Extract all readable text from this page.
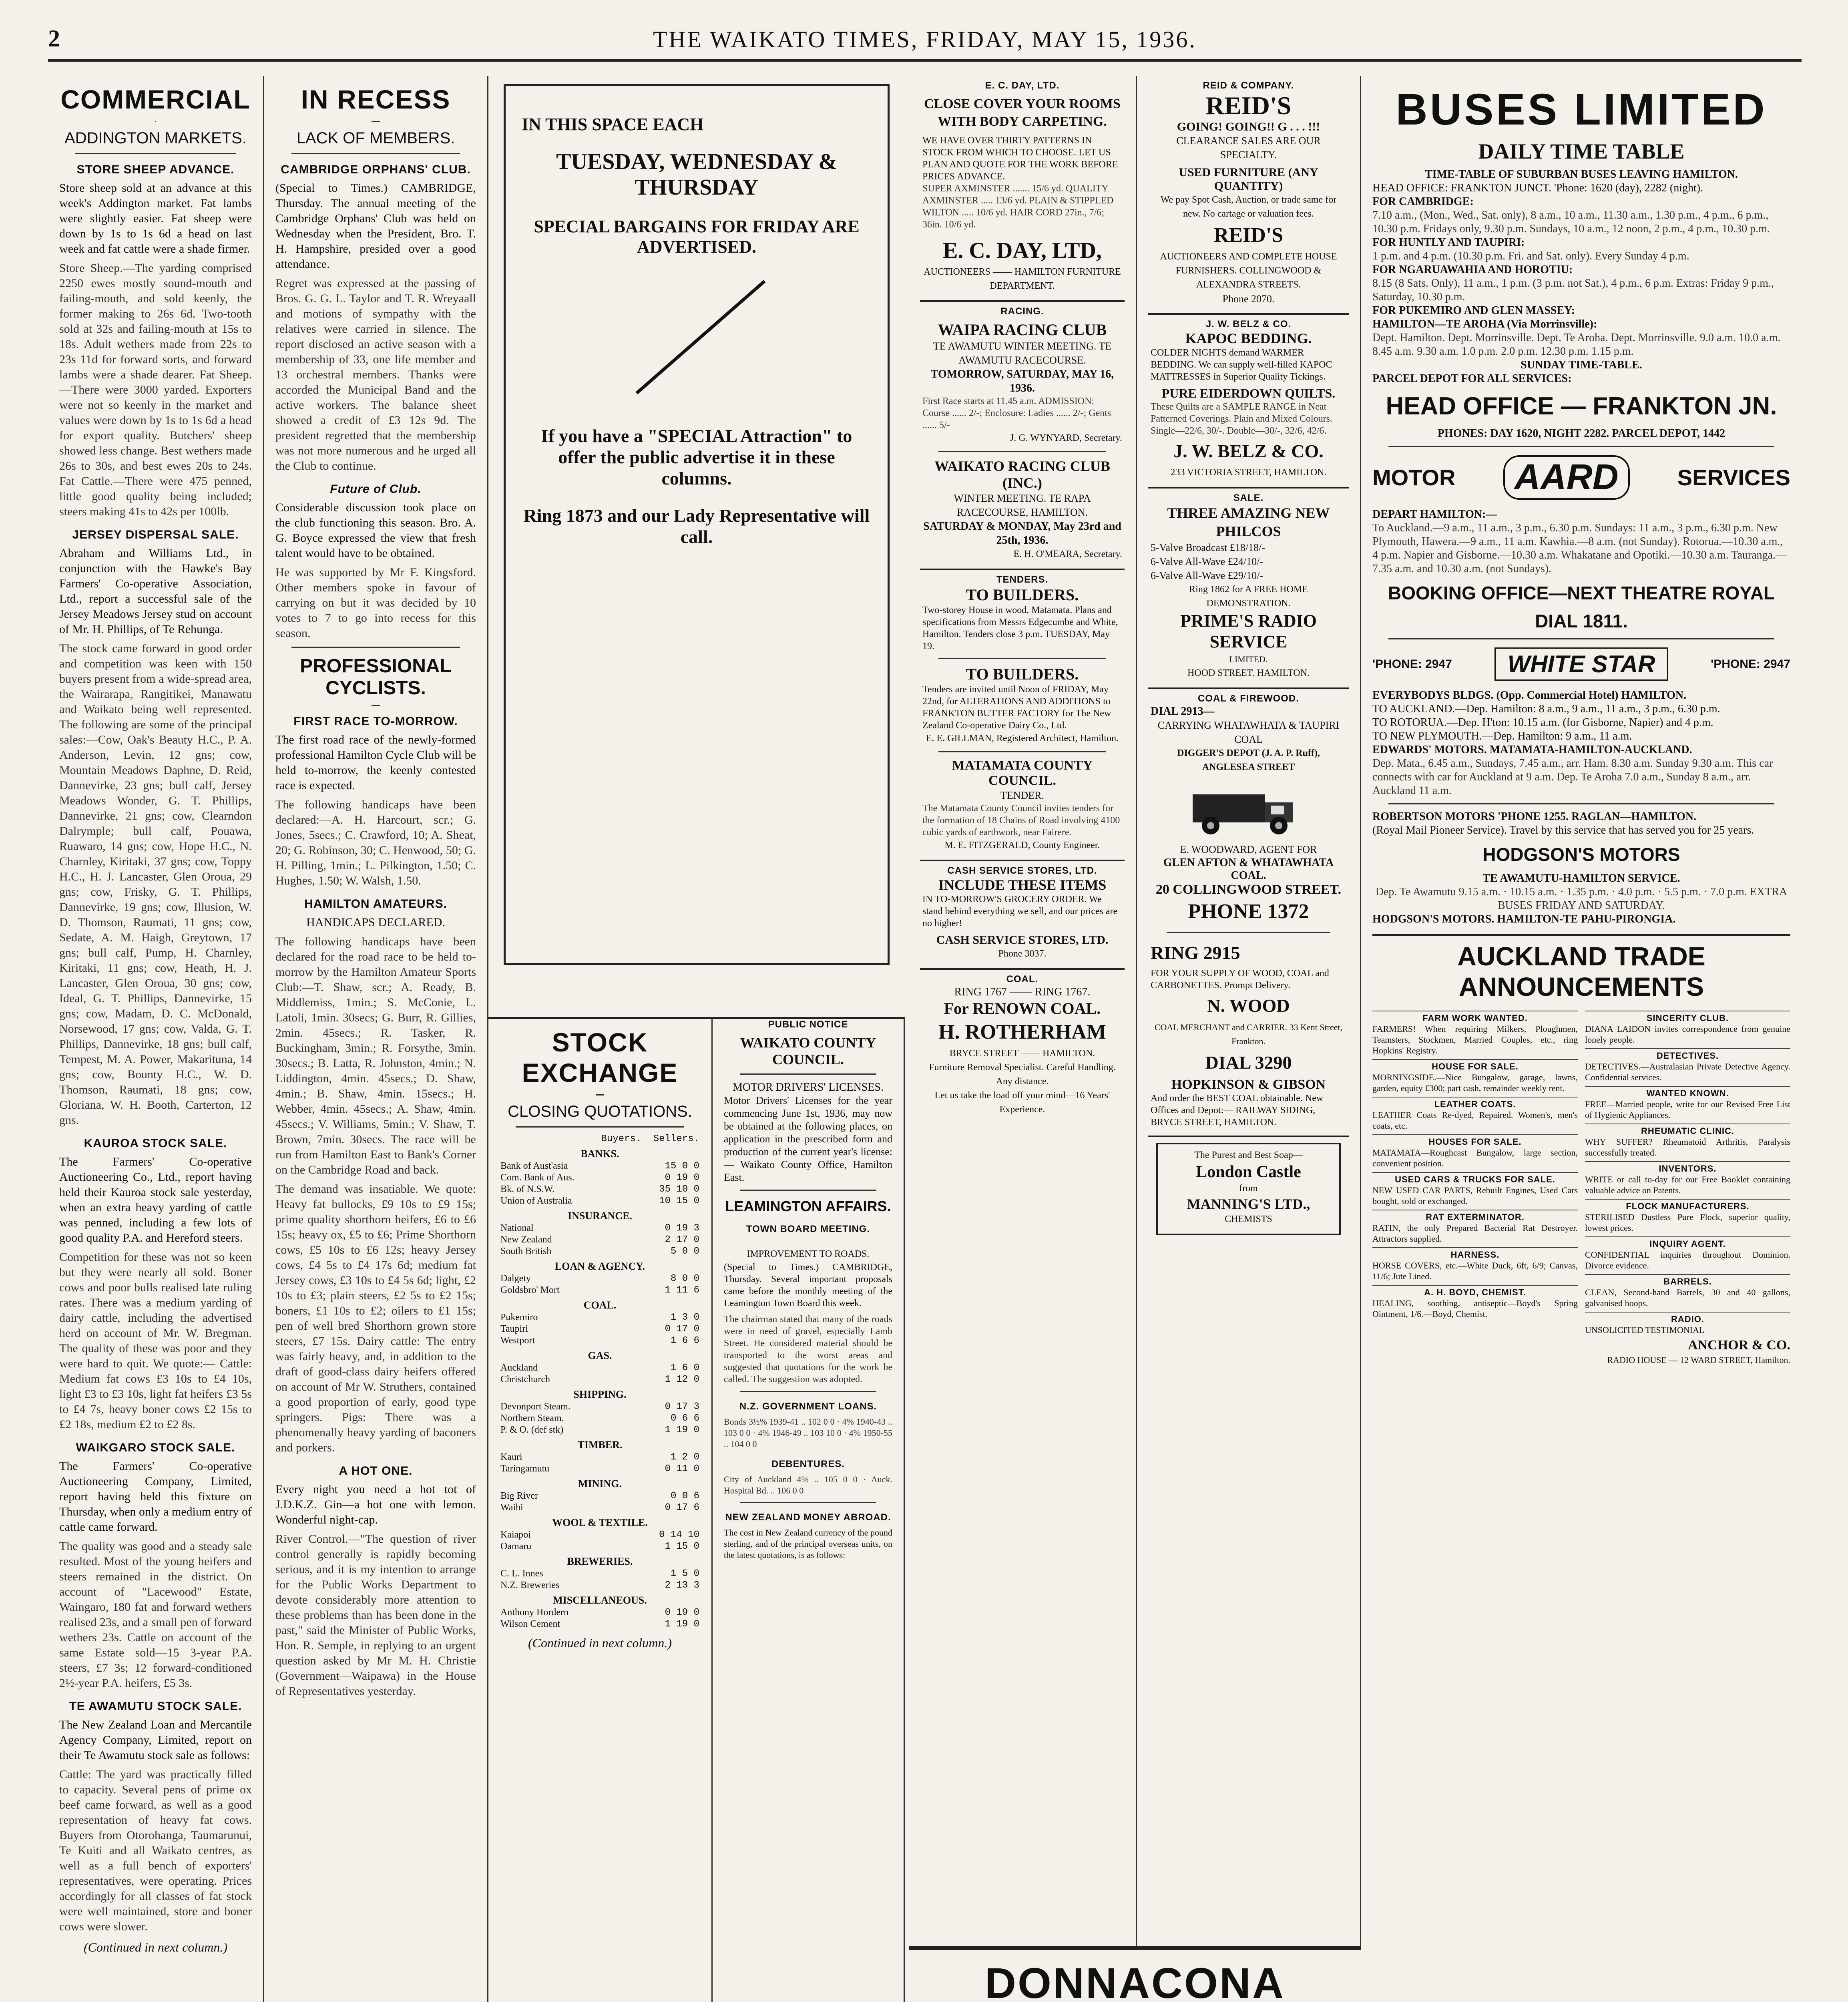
2	THE WAIKATO TIMES, FRIDAY, MAY 15, 1936.
COMMERCIAL
ADDINGTON MARKETS.
STORE SHEEP ADVANCE.

Store sheep sold at an advance at this week's Addington market. Fat lambs were slightly easier. Fat sheep were down by 1s to 1s 6d a head on last week and fat cattle were a shade firmer.

Store Sheep.—The yarding comprised 2250 ewes mostly sound-mouth and failing-mouth, and sold keenly, the former making to 26s 6d. Two-tooth sold at 32s and failing-mouth at 15s to 18s. Adult wethers made from 22s to 23s 11d for forward sorts, and forward lambs were a shade dearer. Fat Sheep.—There were 3000 yarded. Exporters were not so keenly in the market and values were down by 1s to 1s 6d a head for export quality. Butchers' sheep showed less change. Best wethers made 26s to 30s, and best ewes 20s to 24s. Fat Cattle.—There were 475 penned, little good quality being included; steers making 41s to 42s per 100lb.

JERSEY DISPERSAL SALE.

Abraham and Williams Ltd., in conjunction with the Hawke's Bay Farmers' Co-operative Association, Ltd., report a successful sale of the Jersey Meadows Jersey stud on account of Mr. H. Phillips, of Te Rehunga.

The stock came forward in good order and competition was keen with 150 buyers present from a wide-spread area, the Wairarapa, Rangitikei, Manawatu and Waikato being well represented. The following are some of the principal sales:—Cow, Oak's Beauty H.C., P. A. Anderson, Levin, 12 gns; cow, Mountain Meadows Daphne, D. Reid, Dannevirke, 23 gns; bull calf, Jersey Meadows Wonder, G. T. Phillips, Dannevirke, 21 gns; cow, Clearndon Dalrymple; bull calf, Pouawa, Ruawaro, 14 gns; cow, Hope H.C., N. Charnley, Kiritaki, 37 gns; cow, Toppy H.C., H. J. Lancaster, Glen Oroua, 29 gns; cow, Frisky, G. T. Phillips, Dannevirke, 19 gns; cow, Illusion, W. D. Thomson, Raumati, 11 gns; cow, Sedate, A. M. Haigh, Greytown, 17 gns; bull calf, Pump, H. Charnley, Kiritaki, 11 gns; cow, Heath, H. J. Lancaster, Glen Oroua, 30 gns; cow, Ideal, G. T. Phillips, Dannevirke, 15 gns; cow, Madam, D. C. McDonald, Norsewood, 17 gns; cow, Valda, G. T. Phillips, Dannevirke, 18 gns; bull calf, Tempest, M. A. Power, Makarituna, 14 gns; cow, Bounty H.C., W. D. Thomson, Raumati, 18 gns; cow, Gloriana, W. H. Booth, Carterton, 12 gns.

KAUROA STOCK SALE.

The Farmers' Co-operative Auctioneering Co., Ltd., report having held their Kauroa stock sale yesterday, when an extra heavy yarding of cattle was penned, including a few lots of good quality P.A. and Hereford steers.

Competition for these was not so keen but they were nearly all sold. Boner cows and poor bulls realised late ruling rates. There was a medium yarding of dairy cattle, including the advertised herd on account of Mr. W. Bregman. The quality of these was poor and they were hard to quit. We quote:— Cattle: Medium fat cows £3 10s to £4 10s, light £3 to £3 10s, light fat heifers £3 5s to £4 7s, heavy boner cows £2 15s to £2 18s, medium £2 to £2 8s.

WAIKGARO STOCK SALE.

The Farmers' Co-operative Auctioneering Company, Limited, report having held this fixture on Thursday, when only a medium entry of cattle came forward.

The quality was good and a steady sale resulted. Most of the young heifers and steers remained in the district. On account of "Lacewood" Estate, Waingaro, 180 fat and forward wethers realised 23s, and a small pen of forward wethers 23s. Cattle on account of the same Estate sold—15 3-year P.A. steers, £7 3s; 12 forward-conditioned 2½-year P.A. heifers, £5 3s.

TE AWAMUTU STOCK SALE.

The New Zealand Loan and Mercantile Agency Company, Limited, report on their Te Awamutu stock sale as follows:

Cattle: The yard was practically filled to capacity. Several pens of prime ox beef came forward, as well as a good representation of heavy fat cows. Buyers from Otorohanga, Taumarunui, Te Kuiti and all Waikato centres, as well as a full bench of exporters' representatives, were operating. Prices accordingly for all classes of fat stock were well maintained, store and boner cows were slower.

(Continued in next column.)
IN RECESS
LACK OF MEMBERS.
CAMBRIDGE ORPHANS' CLUB.

(Special to Times.) CAMBRIDGE, Thursday. The annual meeting of the Cambridge Orphans' Club was held on Wednesday when the President, Bro. T. H. Hampshire, presided over a good attendance.

Regret was expressed at the passing of Bros. G. G. L. Taylor and T. R. Wreyaall and motions of sympathy with the relatives were carried in silence. The report disclosed an active season with a membership of 33, one life member and 13 orchestral members. Thanks were accorded the Municipal Band and the active workers. The balance sheet showed a credit of £3 12s 9d. The president regretted that the membership was not more numerous and he urged all the Club to continue.

Future of Club.

Considerable discussion took place on the club functioning this season. Bro. A. G. Boyce expressed the view that fresh talent would have to be obtained.

He was supported by Mr F. Kingsford. Other members spoke in favour of carrying on but it was decided by 10 votes to 7 to go into recess for this season.

PROFESSIONAL CYCLISTS.
FIRST RACE TO-MORROW.

The first road race of the newly-formed professional Hamilton Cycle Club will be held to-morrow, the keenly contested race is expected.

The following handicaps have been declared:—A. H. Harcourt, scr.; G. Jones, 5secs.; C. Crawford, 10; A. Sheat, 20; G. Robinson, 30; C. Henwood, 50; G. H. Pilling, 1min.; L. Pilkington, 1.50; C. Hughes, 1.50; W. Walsh, 1.50.

HAMILTON AMATEURS.

HANDICAPS DECLARED.

The following handicaps have been declared for the road race to be held to-morrow by the Hamilton Amateur Sports Club:—T. Shaw, scr.; A. Ready, B. Middlemiss, 1min.; S. McConie, L. Latoli, 1min. 30secs; G. Burr, R. Gillies, 2min. 45secs.; R. Tasker, R. Buckingham, 3min.; R. Forsythe, 3min. 30secs.; B. Latta, R. Johnston, 4min.; N. Liddington, 4min. 45secs.; D. Shaw, 4min.; B. Shaw, 4min. 15secs.; H. Webber, 4min. 45secs.; A. Shaw, 4min. 45secs.; V. Williams, 5min.; V. Shaw, T. Brown, 7min. 30secs. The race will be run from Hamilton East to Bank's Corner on the Cambridge Road and back.

The demand was insatiable. We quote: Heavy fat bullocks, £9 10s to £9 15s; prime quality shorthorn heifers, £6 to £6 15s; heavy ox, £5 to £6; Prime Shorthorn cows, £5 10s to £6 12s; heavy Jersey cows, £4 5s to £4 17s 6d; medium fat Jersey cows, £3 10s to £4 5s 6d; light, £2 10s to £3; plain steers, £2 5s to £2 15s; boners, £1 10s to £2; oilers to £1 15s; pen of well bred Shorthorn grown store steers, £7 15s. Dairy cattle: The entry was fairly heavy, and, in addition to the draft of good-class dairy heifers offered on account of Mr W. Struthers, contained a good proportion of early, good type springers. Pigs: There was a phenomenally heavy yarding of baconers and porkers.

A HOT ONE.

Every night you need a hot tot of J.D.K.Z. Gin—a hot one with lemon. Wonderful night-cap.

River Control.—"The question of river control generally is rapidly becoming serious, and it is my intention to arrange for the Public Works Department to devote considerably more attention to these problems than has been done in the past," said the Minister of Public Works, Hon. R. Semple, in replying to an urgent question asked by Mr M. H. Christie (Government—Waipawa) in the House of Representatives yesterday.

IN THIS SPACE EACH
TUESDAY, WEDNESDAY & THURSDAY
SPECIAL BARGAINS FOR FRIDAY ARE ADVERTISED.
If you have a "SPECIAL Attraction" to offer the public advertise it in these columns.
Ring 1873 and our Lady Representative will call.
STOCK EXCHANGE
CLOSING QUOTATIONS.
	Buyers.	Sellers.
BANKS.		
Bank of Aust'asia		15 0 0
Com. Bank of Aus.		0 19 0
Bk. of N.S.W.		35 10 0
Union of Australia		10 15 0
INSURANCE.		
National		0 19 3
New Zealand		2 17 0
South British		5 0 0
LOAN & AGENCY.		
Dalgety		8 0 0
Goldsbro' Mort		1 11 6
COAL.		
Pukemiro		1 3 0
Taupiri		0 17 0
Westport		1 6 6
GAS.		
Auckland		1 6 0
Christchurch		1 12 0
SHIPPING.		
Devonport Steam.		0 17 3
Northern Steam.		0 6 6
P. & O. (def stk)		1 19 0
TIMBER.		
Kauri		1 2 0
Taringamutu		0 11 0
MINING.		
Big River		0 0 6
Waihi		0 17 6
WOOL & TEXTILE.		
Kaiapoi		0 14 10
Oamaru		1 15 0
BREWERIES.		
C. L. Innes		1 5 0
N.Z. Breweries		2 13 3
MISCELLANEOUS.		
Anthony Hordern		0 19 0
Wilson Cement		1 19 0
(Continued in next column.)
PUBLIC NOTICE
WAIKATO COUNTY COUNCIL.
MOTOR DRIVERS' LICENSES.

Motor Drivers' Licenses for the year commencing June 1st, 1936, may now be obtained at the following places, on application in the prescribed form and production of the current year's license:— Waikato County Office, Hamilton East.

LEAMINGTON AFFAIRS.
TOWN BOARD MEETING.
IMPROVEMENT TO ROADS.

(Special to Times.) CAMBRIDGE, Thursday. Several important proposals came before the monthly meeting of the Leamington Town Board this week.

The chairman stated that many of the roads were in need of gravel, especially Lamb Street. He considered material should be transported to the worst areas and suggested that quotations for the work be called. The suggestion was adopted.

N.Z. GOVERNMENT LOANS.

Bonds 3½% 1939-41 .. 102 0 0 · 4% 1940-43 .. 103 0 0 · 4% 1946-49 .. 103 10 0 · 4% 1950-55 .. 104 0 0

DEBENTURES.

City of Auckland 4% .. 105 0 0 · Auck. Hospital Bd. .. 106 0 0

NEW ZEALAND MONEY ABROAD.

The cost in New Zealand currency of the pound sterling, and of the principal overseas units, on the latest quotations, is as follows:

E. C. DAY, LTD.
CLOSE COVER YOUR ROOMS WITH BODY CARPETING.
WE HAVE OVER THIRTY PATTERNS IN STOCK FROM WHICH TO CHOOSE. LET US PLAN AND QUOTE FOR THE WORK BEFORE PRICES ADVANCE.
SUPER AXMINSTER ....... 15/6 yd. QUALITY AXMINSTER ..... 13/6 yd. PLAIN & STIPPLED WILTON ..... 10/6 yd. HAIR CORD 27in., 7/6; 36in. 10/6 yd.
E. C. DAY, LTD,
AUCTIONEERS —— HAMILTON FURNITURE DEPARTMENT.
RACING.
WAIPA RACING CLUB
TE AWAMUTU WINTER MEETING. TE AWAMUTU RACECOURSE.
TOMORROW, SATURDAY, MAY 16, 1936.
First Race starts at 11.45 a.m. ADMISSION: Course ...... 2/-; Enclosure: Ladies ...... 2/-; Gents ...... 5/-
J. G. WYNYARD, Secretary.
WAIKATO RACING CLUB (INC.)
WINTER MEETING. TE RAPA RACECOURSE, HAMILTON.
SATURDAY & MONDAY, May 23rd and 25th, 1936.
E. H. O'MEARA, Secretary.
TENDERS.
TO BUILDERS.
Two-storey House in wood, Matamata. Plans and specifications from Messrs Edgecumbe and White, Hamilton. Tenders close 3 p.m. TUESDAY, May 19.
TO BUILDERS.
Tenders are invited until Noon of FRIDAY, May 22nd, for ALTERATIONS AND ADDITIONS to FRANKTON BUTTER FACTORY for The New Zealand Co-operative Dairy Co., Ltd.
E. E. GILLMAN, Registered Architect, Hamilton.
MATAMATA COUNTY COUNCIL.
TENDER.
The Matamata County Council invites tenders for the formation of 18 Chains of Road involving 4100 cubic yards of earthwork, near Fairere.
M. E. FITZGERALD, County Engineer.
CASH SERVICE STORES, LTD.
INCLUDE THESE ITEMS
IN TO-MORROW'S GROCERY ORDER. We stand behind everything we sell, and our prices are no higher!
CASH SERVICE STORES, LTD.
Phone 3037.
COAL.
RING 1767 —— RING 1767.
For RENOWN COAL.
H. ROTHERHAM
BRYCE STREET —— HAMILTON.
Furniture Removal Specialist. Careful Handling. Any distance.
Let us take the load off your mind—16 Years' Experience.
REID & COMPANY.
REID'S
GOING! GOING!! G . . . !!!
CLEARANCE SALES ARE OUR SPECIALTY.
USED FURNITURE (ANY QUANTITY)
We pay Spot Cash, Auction, or trade same for new. No cartage or valuation fees.
REID'S
AUCTIONEERS AND COMPLETE HOUSE FURNISHERS. COLLINGWOOD & ALEXANDRA STREETS.
Phone 2070.
J. W. BELZ & CO.
KAPOC BEDDING.
COLDER NIGHTS demand WARMER BEDDING. We can supply well-filled KAPOC MATTRESSES in Superior Quality Tickings.
PURE EIDERDOWN QUILTS.
These Quilts are a SAMPLE RANGE in Neat Patterned Coverings. Plain and Mixed Colours. Single—22/6, 30/-. Double—30/-, 32/6, 42/6.
J. W. BELZ & CO.
233 VICTORIA STREET, HAMILTON.
SALE.
THREE AMAZING NEW PHILCOS
5-Valve Broadcast £18/18/-
6-Valve All-Wave £24/10/-
6-Valve All-Wave £29/10/-
Ring 1862 for A FREE HOME DEMONSTRATION.
PRIME'S RADIO SERVICE
LIMITED.
HOOD STREET. HAMILTON.
COAL & FIREWOOD.
DIAL 2913—
CARRYING WHATAWHATA & TAUPIRI COAL
DIGGER'S DEPOT (J. A. P. Ruff), ANGLESEA STREET
E. WOODWARD, AGENT FOR
GLEN AFTON & WHATAWHATA COAL.
20 COLLINGWOOD STREET.
PHONE 1372
RING 2915
FOR YOUR SUPPLY OF WOOD, COAL and CARBONETTES. Prompt Delivery.
N. WOOD
COAL MERCHANT and CARRIER. 33 Kent Street, Frankton.
DIAL 3290
HOPKINSON & GIBSON
And order the BEST COAL obtainable. New Offices and Depot:— RAILWAY SIDING, BRYCE STREET, HAMILTON.
The Purest and Best Soap—
London Castle
from
MANNING'S LTD.,
CHEMISTS
DONNACONA
BUSES LIMITED
DAILY TIME TABLE
TIME-TABLE OF SUBURBAN BUSES LEAVING HAMILTON.
HEAD OFFICE: FRANKTON JUNCT. 'Phone: 1620 (day), 2282 (night).
FOR CAMBRIDGE:
7.10 a.m., (Mon., Wed., Sat. only), 8 a.m., 10 a.m., 11.30 a.m., 1.30 p.m., 4 p.m., 6 p.m., 10.30 p.m. Fridays only, 9.30 p.m. Sundays, 10 a.m., 12 noon, 2 p.m., 4 p.m., 10.30 p.m.
FOR HUNTLY AND TAUPIRI:
1 p.m. and 4 p.m. (10.30 p.m. Fri. and Sat. only). Every Sunday 4 p.m.
FOR NGARUAWAHIA AND HOROTIU:
8.15 (8 Sats. Only), 11 a.m., 1 p.m. (3 p.m. not Sat.), 4 p.m., 6 p.m. Extras: Friday 9 p.m., Saturday, 10.30 p.m.
FOR PUKEMIRO AND GLEN MASSEY:
HAMILTON—TE AROHA (Via Morrinsville):
Dept. Hamilton. Dept. Morrinsville. Dept. Te Aroha. Dept. Morrinsville. 9.0 a.m. 10.0 a.m. 8.45 a.m. 9.30 a.m. 1.0 p.m. 2.0 p.m. 12.30 p.m. 1.15 p.m.
SUNDAY TIME-TABLE.
PARCEL DEPOT FOR ALL SERVICES:
HEAD OFFICE — FRANKTON JN.
PHONES: DAY 1620, NIGHT 2282. PARCEL DEPOT, 1442
MOTOR	AARD	SERVICES
DEPART HAMILTON:—
To Auckland.—9 a.m., 11 a.m., 3 p.m., 6.30 p.m. Sundays: 11 a.m., 3 p.m., 6.30 p.m. New Plymouth, Hawera.—9 a.m., 11 a.m. Kawhia.—8 a.m. (not Sunday). Rotorua.—10.30 a.m., 4 p.m. Napier and Gisborne.—10.30 a.m. Whakatane and Opotiki.—10.30 a.m. Tauranga.—7.35 a.m. and 10.30 a.m. (not Sundays).
BOOKING OFFICE—NEXT THEATRE ROYAL
DIAL 1811.
'PHONE: 2947	WHITE STAR	'PHONE: 2947
EVERYBODYS BLDGS. (Opp. Commercial Hotel) HAMILTON.
TO AUCKLAND.—Dep. Hamilton: 8 a.m., 9 a.m., 11 a.m., 3 p.m., 6.30 p.m.
TO ROTORUA.—Dep. H'ton: 10.15 a.m. (for Gisborne, Napier) and 4 p.m.
TO NEW PLYMOUTH.—Dep. Hamilton: 9 a.m., 11 a.m.
EDWARDS' MOTORS. MATAMATA-HAMILTON-AUCKLAND.
Dep. Mata., 6.45 a.m., Sundays, 7.45 a.m., arr. Ham. 8.30 a.m. Sunday 9.30 a.m. This car connects with car for Auckland at 9 a.m. Dep. Te Aroha 7.0 a.m., Sunday 8 a.m., arr. Auckland 11 a.m.
ROBERTSON MOTORS 'PHONE 1255. RAGLAN—HAMILTON.
(Royal Mail Pioneer Service). Travel by this service that has served you for 25 years.
HODGSON'S MOTORS
TE AWAMUTU-HAMILTON SERVICE.
Dep. Te Awamutu 9.15 a.m. · 10.15 a.m. · 1.35 p.m. · 4.0 p.m. · 5.5 p.m. · 7.0 p.m. EXTRA BUSES FRIDAY AND SATURDAY.
HODGSON'S MOTORS. HAMILTON-TE PAHU-PIRONGIA.
AUCKLAND TRADE ANNOUNCEMENTS
FARM WORK WANTED.
FARMERS! When requiring Milkers, Ploughmen, Teamsters, Stockmen, Married Couples, etc., ring Hopkins' Registry.
HOUSE FOR SALE.
MORNINGSIDE.—Nice Bungalow, garage, lawns, garden, equity £300; part cash, remainder weekly rent.
LEATHER COATS.
LEATHER Coats Re-dyed, Repaired. Women's, men's coats, etc.
HOUSES FOR SALE.
MATAMATA—Roughcast Bungalow, large section, convenient position.
USED CARS & TRUCKS FOR SALE.
NEW USED CAR PARTS, Rebuilt Engines, Used Cars bought, sold or exchanged.
RAT EXTERMINATOR.
RATIN, the only Prepared Bacterial Rat Destroyer. Attractors supplied.
HARNESS.
HORSE COVERS, etc.—White Duck, 6ft, 6/9; Canvas, 11/6; Jute Lined.
A. H. BOYD, CHEMIST.
HEALING, soothing, antiseptic—Boyd's Spring Ointment, 1/6.—Boyd, Chemist.
SINCERITY CLUB.
DIANA LAIDON invites correspondence from genuine lonely people.
DETECTIVES.
DETECTIVES.—Australasian Private Detective Agency. Confidential services.
WANTED KNOWN.
FREE—Married people, write for our Revised Free List of Hygienic Appliances.
RHEUMATIC CLINIC.
WHY SUFFER? Rheumatoid Arthritis, Paralysis successfully treated.
INVENTORS.
WRITE or call to-day for our Free Booklet containing valuable advice on Patents.
FLOCK MANUFACTURERS.
STERILISED Dustless Pure Flock, superior quality, lowest prices.
INQUIRY AGENT.
CONFIDENTIAL inquiries throughout Dominion. Divorce evidence.
BARRELS.
CLEAN, Second-hand Barrels, 30 and 40 gallons, galvanised hoops.
RADIO.
UNSOLICITED TESTIMONIAL
ANCHOR & CO.
RADIO HOUSE — 12 WARD STREET, Hamilton.
